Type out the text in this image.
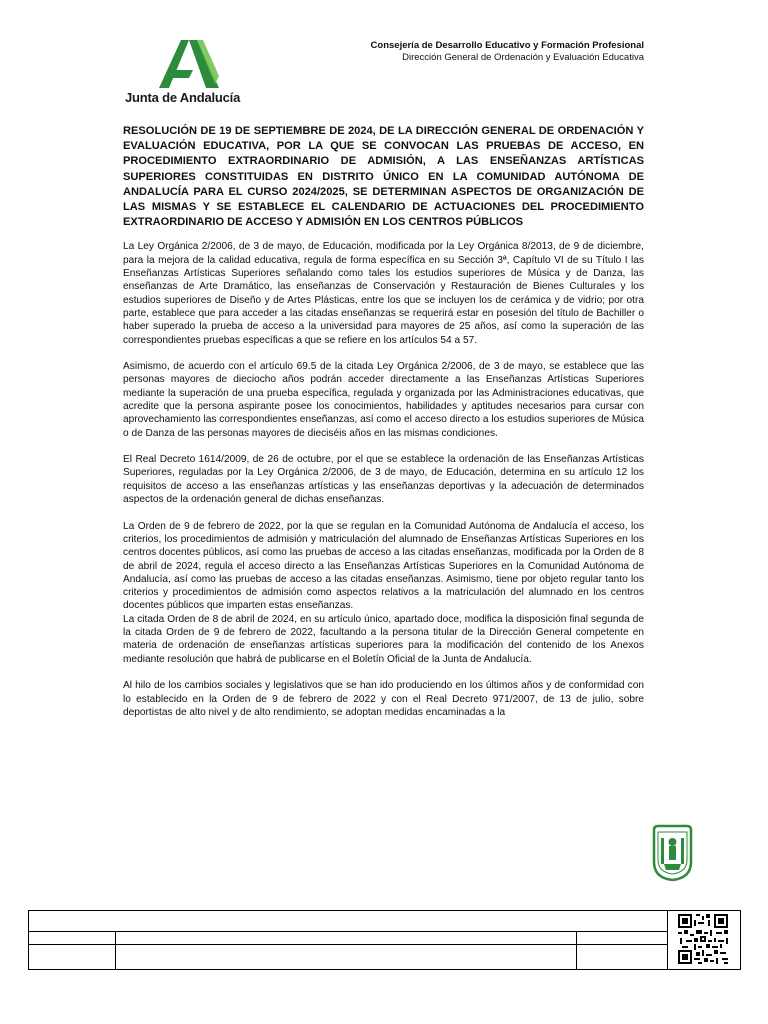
Junta de Andalucía
Consejería de Desarrollo Educativo y Formación Profesional
Dirección General de Ordenación y Evaluación Educativa

RESOLUCIÓN DE 19 DE SEPTIEMBRE DE 2024, DE LA DIRECCIÓN GENERAL DE ORDENACIÓN Y EVALUACIÓN EDUCATIVA, POR LA QUE SE CONVOCAN LAS PRUEBAS DE ACCESO, EN PROCEDIMIENTO EXTRAORDINARIO DE ADMISIÓN, A LAS ENSEÑANZAS ARTÍSTICAS SUPERIORES CONSTITUIDAS EN DISTRITO ÚNICO EN LA COMUNIDAD AUTÓNOMA DE ANDALUCÍA PARA EL CURSO 2024/2025, SE DETERMINAN ASPECTOS DE ORGANIZACIÓN DE LAS MISMAS Y SE ESTABLECE EL CALENDARIO DE ACTUACIONES DEL PROCEDIMIENTO EXTRAORDINARIO DE ACCESO Y ADMISIÓN EN LOS CENTROS PÚBLICOS

La Ley Orgánica 2/2006, de 3 de mayo, de Educación, modificada por la Ley Orgánica 8/2013, de 9 de diciembre, para la mejora de la calidad educativa, regula de forma específica en su Sección 3ª, Capítulo VI de su Título I las Enseñanzas Artísticas Superiores señalando como tales los estudios superiores de Música y de Danza, las enseñanzas de Arte Dramático, las enseñanzas de Conservación y Restauración de Bienes Culturales y los estudios superiores de Diseño y de Artes Plásticas, entre los que se incluyen los de cerámica y de vidrio; por otra parte, establece que para acceder a las citadas enseñanzas se requerirá estar en posesión del título de Bachiller o haber superado la prueba de acceso a la universidad para mayores de 25 años, así como la superación de las correspondientes pruebas específicas a que se refiere en los artículos 54 a 57.

Asimismo, de acuerdo con el artículo 69.5 de la citada Ley Orgánica 2/2006, de 3 de mayo, se establece que las personas mayores de dieciocho años podrán acceder directamente a las Enseñanzas Artísticas Superiores mediante la superación de una prueba específica, regulada y organizada por las Administraciones educativas, que acredite que la persona aspirante posee los conocimientos, habilidades y aptitudes necesarios para cursar con aprovechamiento las correspondientes enseñanzas, así como el acceso directo a los estudios superiores de Música o de Danza de las personas mayores de dieciséis años en las mismas condiciones.

El Real Decreto 1614/2009, de 26 de octubre, por el que se establece la ordenación de las Enseñanzas Artísticas Superiores, reguladas por la Ley Orgánica 2/2006, de 3 de mayo, de Educación, determina en su artículo 12 los requisitos de acceso a las enseñanzas artísticas y las enseñanzas deportivas y la adecuación de determinados aspectos de la ordenación general de dichas enseñanzas.

La Orden de 9 de febrero de 2022, por la que se regulan en la Comunidad Autónoma de Andalucía el acceso, los criterios, los procedimientos de admisión y matriculación del alumnado de Enseñanzas Artísticas Superiores en los centros docentes públicos, así como las pruebas de acceso a las citadas enseñanzas, modificada por la Orden de 8 de abril de 2024, regula el acceso directo a las Enseñanzas Artísticas Superiores en la Comunidad Autónoma de Andalucía, así como las pruebas de acceso a las citadas enseñanzas. Asimismo, tiene por objeto regular tanto los criterios y procedimientos de admisión como aspectos relativos a la matriculación del alumnado en los centros docentes públicos que imparten estas enseñanzas.

La citada Orden de 8 de abril de 2024, en su artículo único, apartado doce, modifica la disposición final segunda de la citada Orden de 9 de febrero de 2022, facultando a la persona titular de la Dirección General competente en materia de ordenación de enseñanzas artísticas superiores para la modificación del contenido de los Anexos mediante resolución que habrá de publicarse en el Boletín Oficial de la Junta de Andalucía.

Al hilo de los cambios sociales y legislativos que se han ido produciendo en los últimos años y de conformidad con lo establecido en la Orden de 9 de febrero de 2022 y con el Real Decreto 971/2007, de 13 de julio, sobre deportistas de alto nivel y de alto rendimiento, se adoptan medidas encaminadas a la
